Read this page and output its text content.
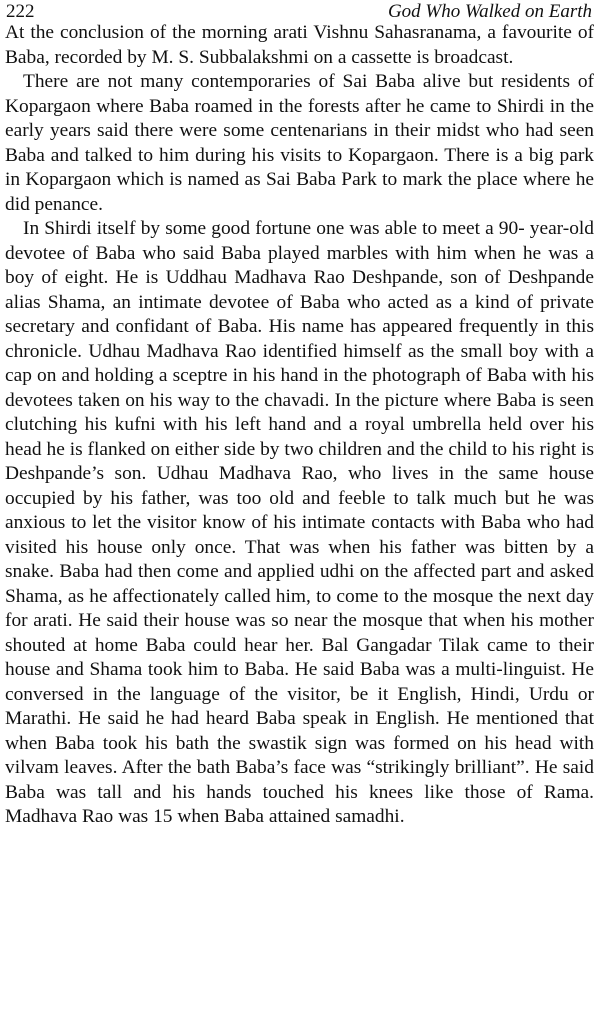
222	God Who Walked on Earth

At the conclusion of the morning arati Vishnu Sahasranama, a favourite of Baba, recorded by M. S. Subbalakshmi on a cassette is broadcast.

There are not many contemporaries of Sai Baba alive but residents of Kopargaon where Baba roamed in the forests after he came to Shirdi in the early years said there were some centenarians in their midst who had seen Baba and talked to him during his visits to Kopargaon. There is a big park in Kopargaon which is named as Sai Baba Park to mark the place where he did penance.

In Shirdi itself by some good fortune one was able to meet a 90- year-old devotee of Baba who said Baba played marbles with him when he was a boy of eight. He is Uddhau Madhava Rao Deshpande, son of Deshpande alias Shama, an intimate devotee of Baba who acted as a kind of private secretary and confidant of Baba. His name has appeared frequently in this chronicle. Udhau Madhava Rao identified himself as the small boy with a cap on and holding a sceptre in his hand in the photograph of Baba with his devotees taken on his way to the chavadi. In the picture where Baba is seen clutching his kufni with his left hand and a royal umbrella held over his head he is flanked on either side by two children and the child to his right is Deshpande’s son. Udhau Madhava Rao, who lives in the same house occupied by his father, was too old and feeble to talk much but he was anxious to let the visitor know of his intimate contacts with Baba who had visited his house only once. That was when his father was bitten by a snake. Baba had then come and applied udhi on the affected part and asked Shama, as he affectionately called him, to come to the mosque the next day for arati. He said their house was so near the mosque that when his mother shouted at home Baba could hear her. Bal Gangadar Tilak came to their house and Shama took him to Baba. He said Baba was a multi-linguist. He conversed in the language of the visitor, be it English, Hindi, Urdu or Marathi. He said he had heard Baba speak in English. He mentioned that when Baba took his bath the swastik sign was formed on his head with vilvam leaves. After the bath Baba’s face was “strikingly brilliant”. He said Baba was tall and his hands touched his knees like those of Rama. Madhava Rao was 15 when Baba attained samadhi.
